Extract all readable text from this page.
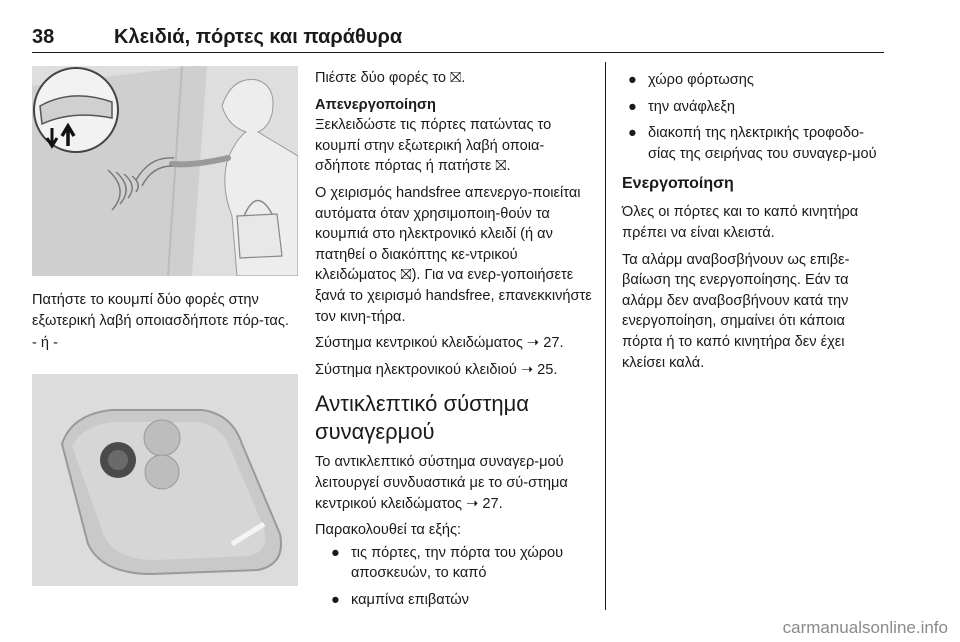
38	Κλειδιά, πόρτες και παράθυρα

Πατήστε το κουμπί δύο φορές στην εξωτερική λαβή οποιασδήποτε πόρ-τας.

- ή -

Πιέστε δύο φορές το ⛝.

Απενεργοποίηση

Ξεκλειδώστε τις πόρτες πατώντας το κουμπί στην εξωτερική λαβή οποια-σδήποτε πόρτας ή πατήστε ⛝.

Ο χειρισμός handsfree απενεργο-ποιείται αυτόματα όταν χρησιμοποιη-θούν τα κουμπιά στο ηλεκτρονικό κλειδί (ή αν πατηθεί ο διακόπτης κε-ντρικού κλειδώματος ⛝). Για να ενερ-γοποιήσετε ξανά το χειρισμό handsfree, επανεκκινήστε τον κινη-τήρα.

Σύστημα κεντρικού κλειδώματος ➝ 27.

Σύστημα ηλεκτρονικού κλειδιού ➝ 25.

Αντικλεπτικό σύστημα συναγερμού

Το αντικλεπτικό σύστημα συναγερ-μού λειτουργεί συνδυαστικά με το σύ-στημα κεντρικού κλειδώματος ➝ 27.

Παρακολουθεί τα εξής:

● τις πόρτες, την πόρτα του χώρου αποσκευών, το καπό
● καμπίνα επιβατών
● χώρο φόρτωσης
● την ανάφλεξη
● διακοπή της ηλεκτρικής τροφοδο-σίας της σειρήνας του συναγερ-μού

Ενεργοποίηση

Όλες οι πόρτες και το καπό κινητήρα πρέπει να είναι κλειστά.

Τα αλάρμ αναβοσβήνουν ως επιβε-βαίωση της ενεργοποίησης. Εάν τα αλάρμ δεν αναβοσβήνουν κατά την ενεργοποίηση, σημαίνει ότι κάποια πόρτα ή το καπό κινητήρα δεν έχει κλείσει καλά.

carmanualsonline.info
